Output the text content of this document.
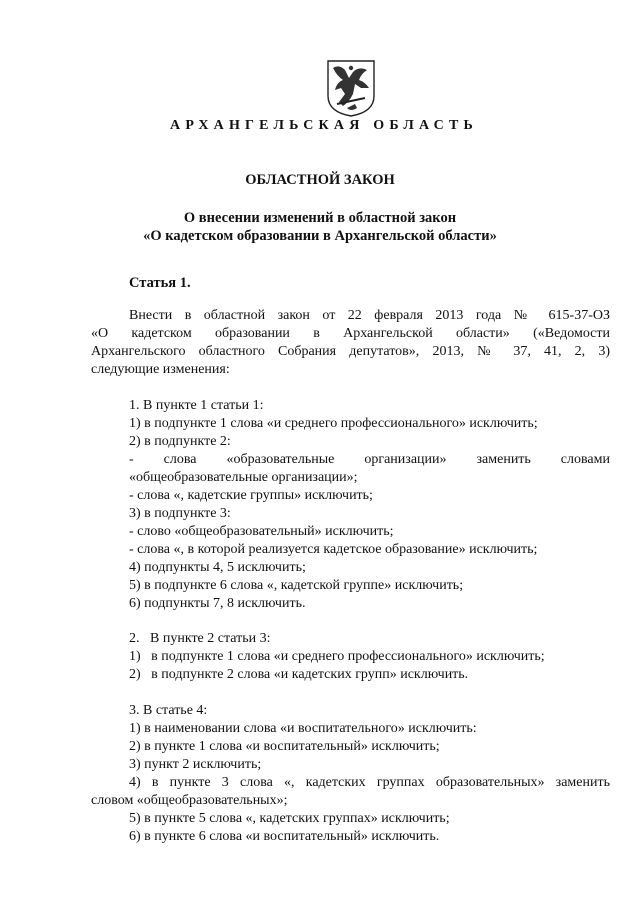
АРХАНГЕЛЬСКАЯ ОБЛАСТЬ
ОБЛАСТНОЙ ЗАКОН
О внесении изменений в областной закон
«О кадетском образовании в Архангельской области»
Статья 1.
Внести в областной закон от 22 февраля 2013 года № 615-37-ОЗ
«О кадетском образовании в Архангельской области» («Ведомости
Архангельского областного Собрания депутатов», 2013, № 37, 41, 2, 3)
следующие изменения:
1. В пункте 1 статьи 1:
1) в подпункте 1 слова «и среднего профессионального» исключить;
2) в подпункте 2:
- слова «образовательные организации» заменить словами
«общеобразовательные организации»;
- слова «, кадетские группы» исключить;
3) в подпункте 3:
- слово «общеобразовательный» исключить;
- слова «, в которой реализуется кадетское образование» исключить;
4) подпункты 4, 5 исключить;
5) в подпункте 6 слова «, кадетской группе» исключить;
6) подпункты 7, 8 исключить.
2.   В пункте 2 статьи 3:
1)   в подпункте 1 слова «и среднего профессионального» исключить;
2)   в подпункте 2 слова «и кадетских групп» исключить.
3. В статье 4:
1) в наименовании слова «и воспитательного» исключить:
2) в пункте 1 слова «и воспитательный» исключить;
3) пункт 2 исключить;
4) в пункте 3 слова «, кадетских группах образовательных» заменить
словом «общеобразовательных»;
5) в пункте 5 слова «, кадетских группах» исключить;
6) в пункте 6 слова «и воспитательный» исключить.
